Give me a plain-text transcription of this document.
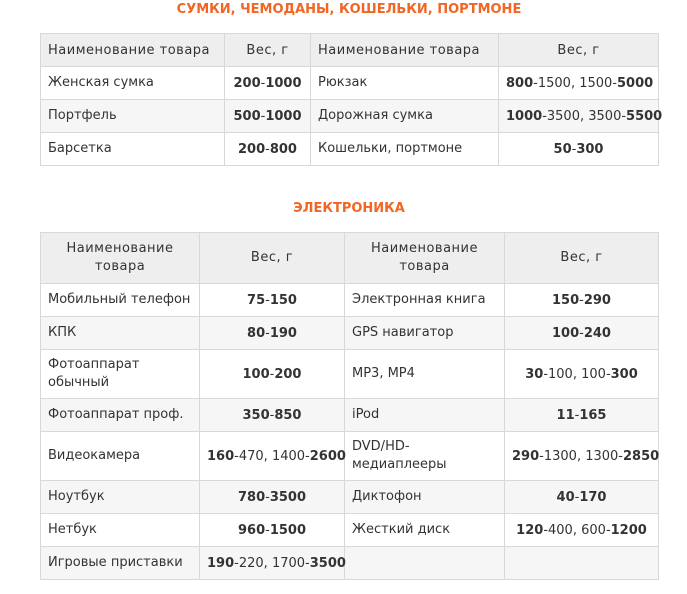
СУМКИ, ЧЕМОДАНЫ, КОШЕЛЬКИ, ПОРТМОНЕ
Наименование товара	Вес, г	Наименование товара	Вес, г
Женская сумка	200-1000	Рюкзак	800-1500, 1500-5000
Портфель	500-1000	Дорожная сумка	1000-3500, 3500-5500
Барсетка	200-800	Кошельки, портмоне	50-300
ЭЛЕКТРОНИКА
Наименование товара	Вес, г	Наименование товара	Вес, г
Мобильный телефон	75-150	Электронная книга	150-290
КПК	80-190	GPS навигатор	100-240
Фотоаппарат обычный	100-200	MP3, MP4	30-100, 100-300
Фотоаппарат проф.	350-850	iPod	11-165
Видеокамера	160-470, 1400-2600	DVD/HD-медиаплееры	290-1300, 1300-2850
Ноутбук	780-3500	Диктофон	40-170
Нетбук	960-1500	Жесткий диск	120-400, 600-1200
Игровые приставки	190-220, 1700-3500		
